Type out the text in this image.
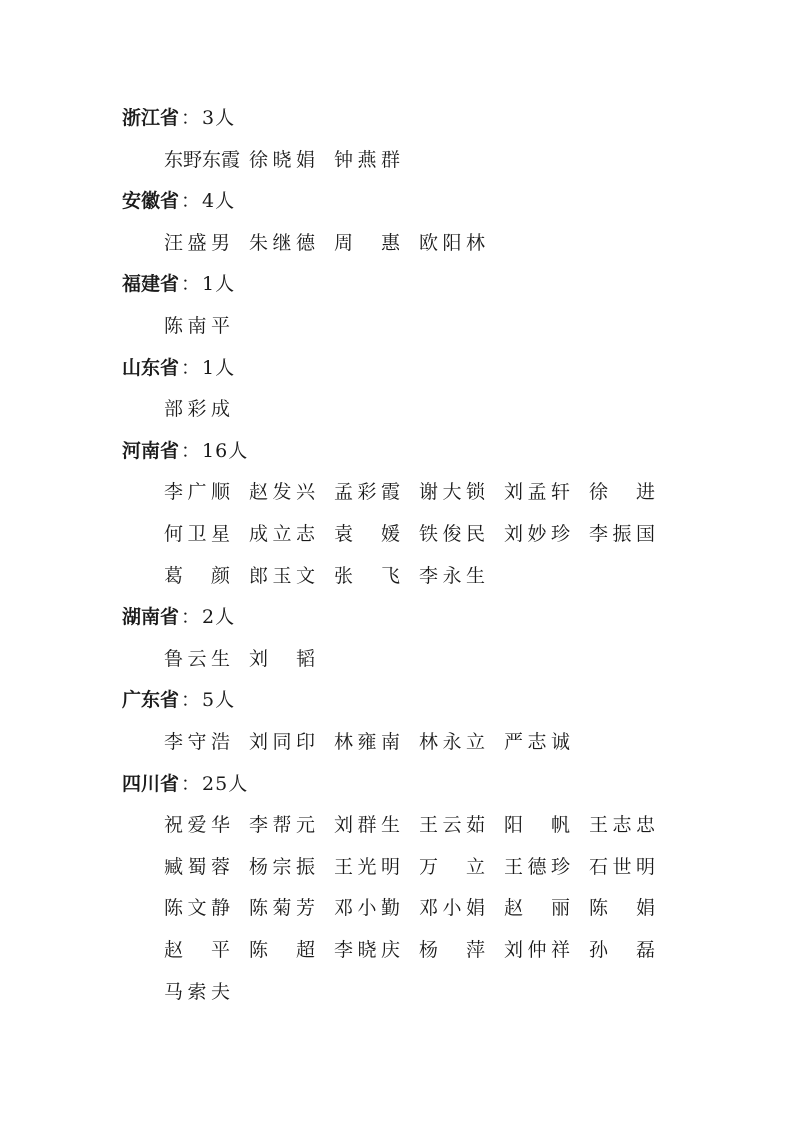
浙江省 ： 3人
东 野 东 霞 徐 晓 娟 钟 燕 群
安徽省 ： 4人
汪 盛 男 朱 继 德 周 惠 欧 阳 林
福建省 ： 1人
陈 南 平
山东省 ： 1人
部 彩 成
河南省 ： 16人
李 广 顺 赵 发 兴 孟 彩 霞 谢 大 锁 刘 孟 轩 徐 进
何 卫 星 成 立 志 袁 媛 铁 俊 民 刘 妙 珍 李 振 国
葛 颜 郎 玉 文 张 飞 李 永 生
湖南省 ： 2人
鲁 云 生 刘 韬
广东省 ： 5人
李 守 浩 刘 同 印 林 雍 南 林 永 立 严 志 诚
四川省 ： 25人
祝 爱 华 李 帮 元 刘 群 生 王 云 茹 阳 帆 王 志 忠
臧 蜀 蓉 杨 宗 振 王 光 明 万 立 王 德 珍 石 世 明
陈 文 静 陈 菊 芳 邓 小 勤 邓 小 娟 赵 丽 陈 娟
赵 平 陈 超 李 晓 庆 杨 萍 刘 仲 祥 孙 磊
马 索 夫
